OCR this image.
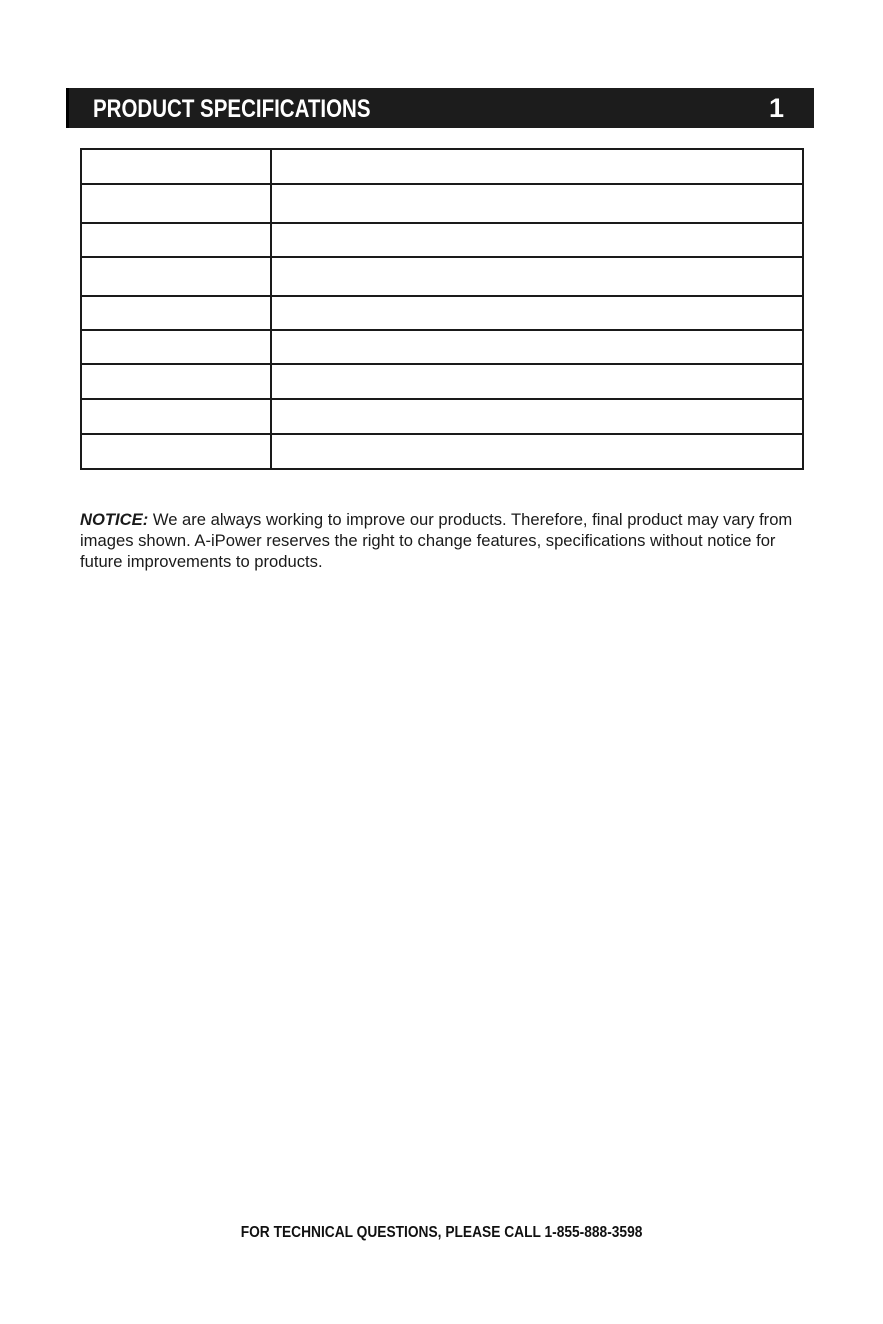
PRODUCT SPECIFICATIONS	1

NOTICE: We are always working to improve our products. Therefore, final product may vary from images shown. A-iPower reserves the right to change features, specifications without notice for future improvements to products.
FOR TECHNICAL QUESTIONS, PLEASE CALL 1-855-888-3598
